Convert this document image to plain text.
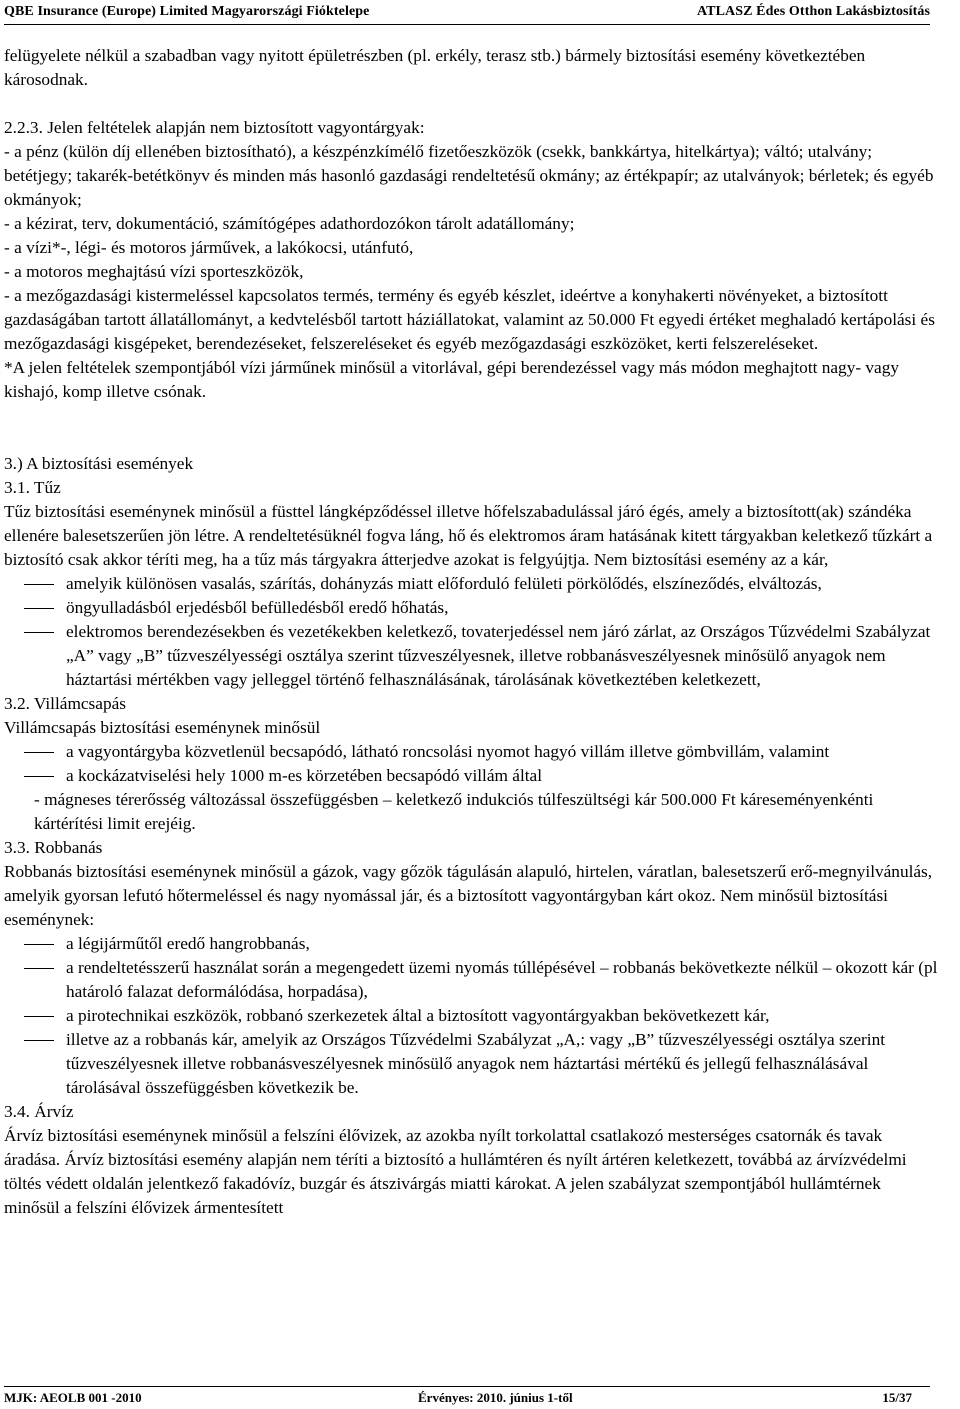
QBE Insurance (Europe) Limited Magyarországi Fióktelepe	ATLASZ Édes Otthon Lakásbiztosítás

felügyelete nélkül a szabadban vagy nyitott épületrészben (pl. erkély, terasz stb.) bármely biztosítási esemény következtében károsodnak.

2.2.3. Jelen feltételek alapján nem biztosított vagyontárgyak:

- a pénz (külön díj ellenében biztosítható), a készpénzkímélő fizetőeszközök (csekk, bankkártya, hitelkártya); váltó; utalvány; betétjegy; takarék-betétkönyv és minden más hasonló gazdasági rendeltetésű okmány; az értékpapír; az utalványok; bérletek; és egyéb okmányok;

- a kézirat, terv, dokumentáció, számítógépes adathordozókon tárolt adatállomány;

- a vízi*-, légi- és motoros járművek, a lakókocsi, utánfutó,

- a motoros meghajtású vízi sporteszközök,

- a mezőgazdasági kistermeléssel kapcsolatos termés, termény és egyéb készlet, ideértve a konyhakerti növényeket, a biztosított gazdaságában tartott állatállományt, a kedvtelésből tartott háziállatokat, valamint az 50.000 Ft egyedi értéket meghaladó kertápolási és mezőgazdasági kisgépeket, berendezéseket, felszereléseket és egyéb mezőgazdasági eszközöket, kerti felszereléseket.

*A jelen feltételek szempontjából vízi járműnek minősül a vitorlával, gépi berendezéssel vagy más módon meghajtott nagy- vagy kishajó, komp illetve csónak.

3.) A biztosítási események

3.1. Tűz

Tűz biztosítási eseménynek minősül a füsttel lángképződéssel illetve hőfelszabadulással járó égés, amely a biztosított(ak) szándéka ellenére balesetszerűen jön létre. A rendeltetésüknél fogva láng, hő és elektromos áram hatásának kitett tárgyakban keletkező tűzkárt a biztosító csak akkor téríti meg, ha a tűz más tárgyakra átterjedve azokat is felgyújtja. Nem biztosítási esemény az a kár,

amelyik különösen vasalás, szárítás, dohányzás miatt előforduló felületi pörkölődés, elszíneződés, elváltozás,
öngyulladásból erjedésből befülledésből eredő hőhatás,
elektromos berendezésekben és vezetékekben keletkező, tovaterjedéssel nem járó zárlat, az Országos Tűzvédelmi Szabályzat „A” vagy „B” tűzveszélyességi osztálya szerint tűzveszélyesnek, illetve robbanásveszélyesnek minősülő anyagok nem háztartási mértékben vagy jelleggel történő felhasználásának, tárolásának következtében keletkezett,

3.2. Villámcsapás

Villámcsapás biztosítási eseménynek minősül

a vagyontárgyba közvetlenül becsapódó, látható roncsolási nyomot hagyó villám illetve gömbvillám, valamint
a kockázatviselési hely 1000 m-es körzetében becsapódó villám által

- mágneses térerősség változással összefüggésben – keletkező indukciós túlfeszültségi kár 500.000 Ft káreseményenkénti kártérítési limit erejéig.

3.3. Robbanás

Robbanás biztosítási eseménynek minősül a gázok, vagy gőzök tágulásán alapuló, hirtelen, váratlan, balesetszerű erő-megnyilvánulás, amelyik gyorsan lefutó hőtermeléssel és nagy nyomással jár, és a biztosított vagyontárgyban kárt okoz. Nem minősül biztosítási eseménynek:

a légijárműtől eredő hangrobbanás,
a rendeltetésszerű használat során a megengedett üzemi nyomás túllépésével – robbanás bekövetkezte nélkül – okozott kár (pl határoló falazat deformálódása, horpadása),
a pirotechnikai eszközök, robbanó szerkezetek által a biztosított vagyontárgyakban bekövetkezett kár,
illetve az a robbanás kár, amelyik az Országos Tűzvédelmi Szabályzat „A,: vagy „B” tűzveszélyességi osztálya szerint tűzveszélyesnek illetve robbanásveszélyesnek minősülő anyagok nem háztartási mértékű és jellegű felhasználásával tárolásával összefüggésben következik be.

3.4. Árvíz

Árvíz biztosítási eseménynek minősül a felszíni élővizek, az azokba nyílt torkolattal csatlakozó mesterséges csatornák és tavak áradása. Árvíz biztosítási esemény alapján nem téríti a biztosító a hullámtéren és nyílt ártéren keletkezett, továbbá az árvízvédelmi töltés védett oldalán jelentkező fakadóvíz, buzgár és átszivárgás miatti károkat. A jelen szabályzat szempontjából hullámtérnek minősül a felszíni élővizek ármentesített

MJK: AEOLB 001 -2010	Érvényes: 2010. június 1-től	15/37
